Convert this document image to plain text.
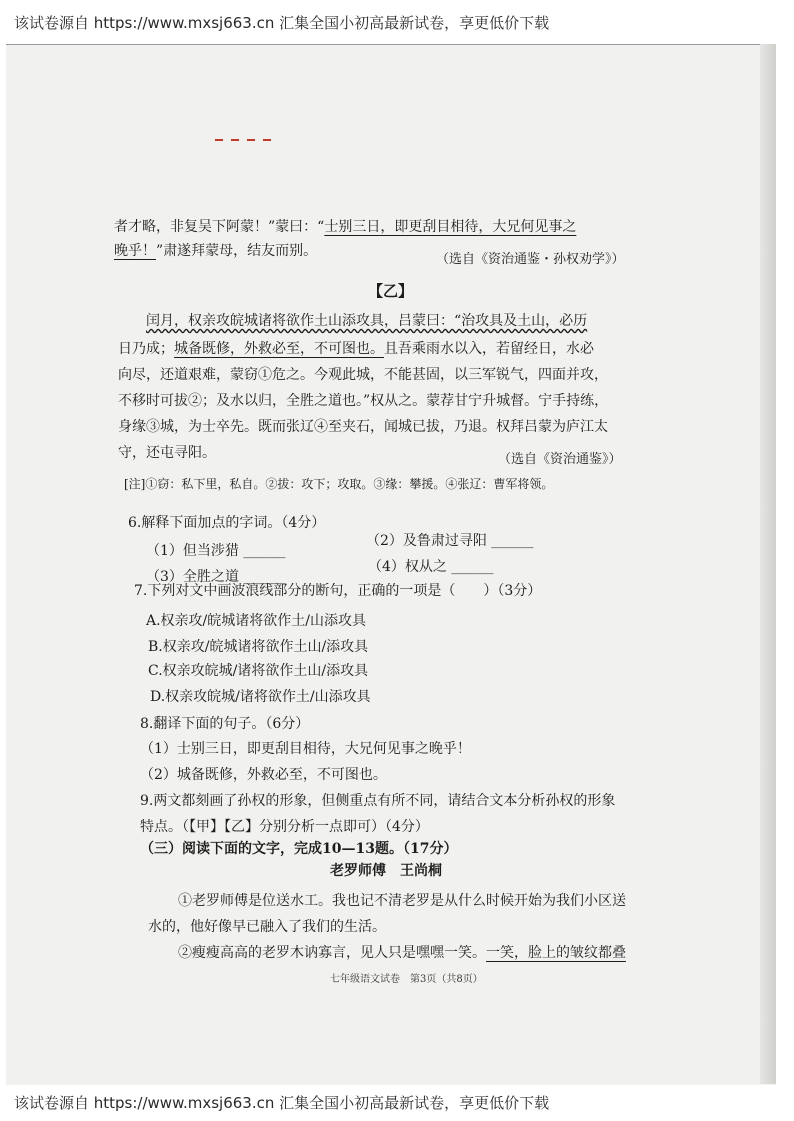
该试卷源自 https://www.mxsj663.cn 汇集全国小初高最新试卷，享更低价下载
者才略，非复吴下阿蒙！”蒙曰：“士别三日，即更刮目相待，大兄何见事之
晚乎！”肃遂拜蒙母，结友而别。
（选自《资治通鉴・孙权劝学》）
【乙】
闰月，权亲攻皖城诸将欲作土山添攻具，吕蒙曰：“治攻具及土山，必历
日乃成；城备既修，外救必至，不可图也。且吾乘雨水以入，若留经日，水必
向尽，还道艰难，蒙窃①危之。今观此城，不能甚固，以三军锐气，四面并攻，
不移时可拔②；及水以归，全胜之道也。”权从之。蒙荐甘宁升城督。宁手持练，
身缘③城，为士卒先。既而张辽④至夹石，闻城已拔，乃退。权拜吕蒙为庐江太
守，还屯寻阳。	（选自《资治通鉴》）
[注]①窃：私下里，私自。②拔：攻下；攻取。③缘：攀援。④张辽：曹军将领。
6.解释下面加点的字词。（4分）
（1）但当涉猎 ______
（2）及鲁肃过寻阳 ______
（3）全胜之道 ______
（4）权从之 ______
7.下列对文中画波浪线部分的断句，正确的一项是（　　）（3分）
A.权亲攻/皖城诸将欲作土/山添攻具
B.权亲攻/皖城诸将欲作土山/添攻具
C.权亲攻皖城/诸将欲作土山/添攻具
D.权亲攻皖城/诸将欲作土/山添攻具
8.翻译下面的句子。（6分）
（1）士别三日，即更刮目相待，大兄何见事之晚乎！
（2）城备既修，外救必至，不可图也。
9.两文都刻画了孙权的形象，但侧重点有所不同，请结合文本分析孙权的形象
特点。（【甲】【乙】分别分析一点即可）（4分）
（三）阅读下面的文字，完成10—13题。（17分）
老罗师傅　王尚桐
①老罗师傅是位送水工。我也记不清老罗是从什么时候开始为我们小区送
水的，他好像早已融入了我们的生活。
②瘦瘦高高的老罗木讷寡言，见人只是嘿嘿一笑。一笑，脸上的皱纹都叠
七年级语文试卷　第3页（共8页）
该试卷源自 https://www.mxsj663.cn 汇集全国小初高最新试卷，享更低价下载
